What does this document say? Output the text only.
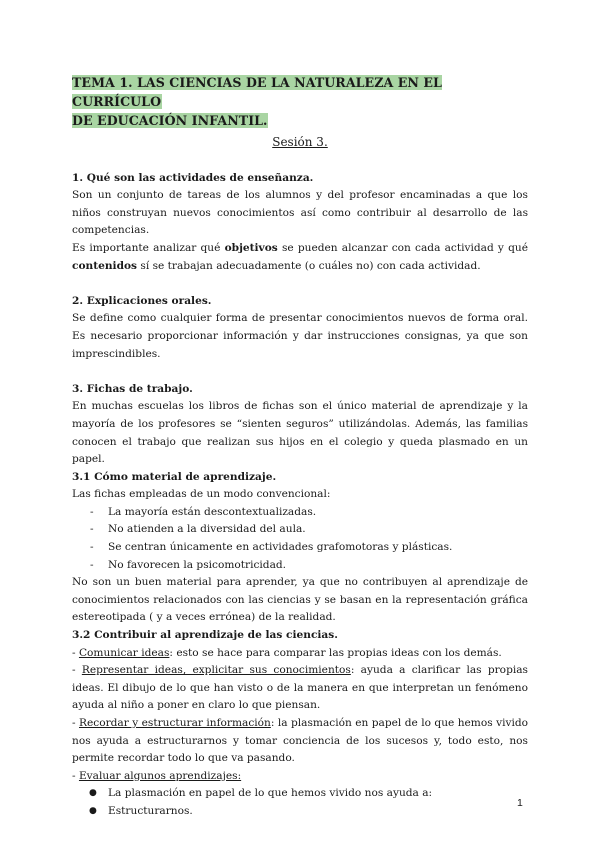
TEMA 1. LAS CIENCIAS DE LA NATURALEZA EN EL CURRÍCULO
DE EDUCACIÓN INFANTIL.
Sesión 3.

1. Qué son las actividades de enseñanza.

Son un conjunto de tareas de los alumnos y del profesor encaminadas a que los niños construyan nuevos conocimientos así como contribuir al desarrollo de las competencias.

Es importante analizar qué objetivos se pueden alcanzar con cada actividad y qué contenidos sí se trabajan adecuadamente (o cuáles no) con cada actividad.

2. Explicaciones orales.

Se define como cualquier forma de presentar conocimientos nuevos de forma oral. Es necesario proporcionar información y dar instrucciones consignas, ya que son imprescindibles.

3. Fichas de trabajo.

En muchas escuelas los libros de fichas son el único material de aprendizaje y la mayoría de los profesores se “sienten seguros” utilizándolas. Además, las familias conocen el trabajo que realizan sus hijos en el colegio y queda plasmado en un papel.

3.1 Cómo material de aprendizaje.

Las fichas empleadas de un modo convencional:

- La mayoría están descontextualizadas.
- No atienden a la diversidad del aula.
- Se centran únicamente en actividades grafomotoras y plásticas.
- No favorecen la psicomotricidad.

No son un buen material para aprender, ya que no contribuyen al aprendizaje de conocimientos relacionados con las ciencias y se basan en la representación gráfica estereotipada ( y a veces errónea) de la realidad.

3.2 Contribuir al aprendizaje de las ciencias.

- Comunicar ideas: esto se hace para comparar las propias ideas con los demás.

- Representar ideas, explicitar sus conocimientos: ayuda a clarificar las propias ideas. El dibujo de lo que han visto o de la manera en que interpretan un fenómeno ayuda al niño a poner en claro lo que piensan.

- Recordar y estructurar información: la plasmación en papel de lo que hemos vivido nos ayuda a estructurarnos y tomar conciencia de los sucesos y, todo esto, nos permite recordar todo lo que va pasando.

- Evaluar algunos aprendizajes:

● La plasmación en papel de lo que hemos vivido nos ayuda a:
● Estructurarnos.
1
